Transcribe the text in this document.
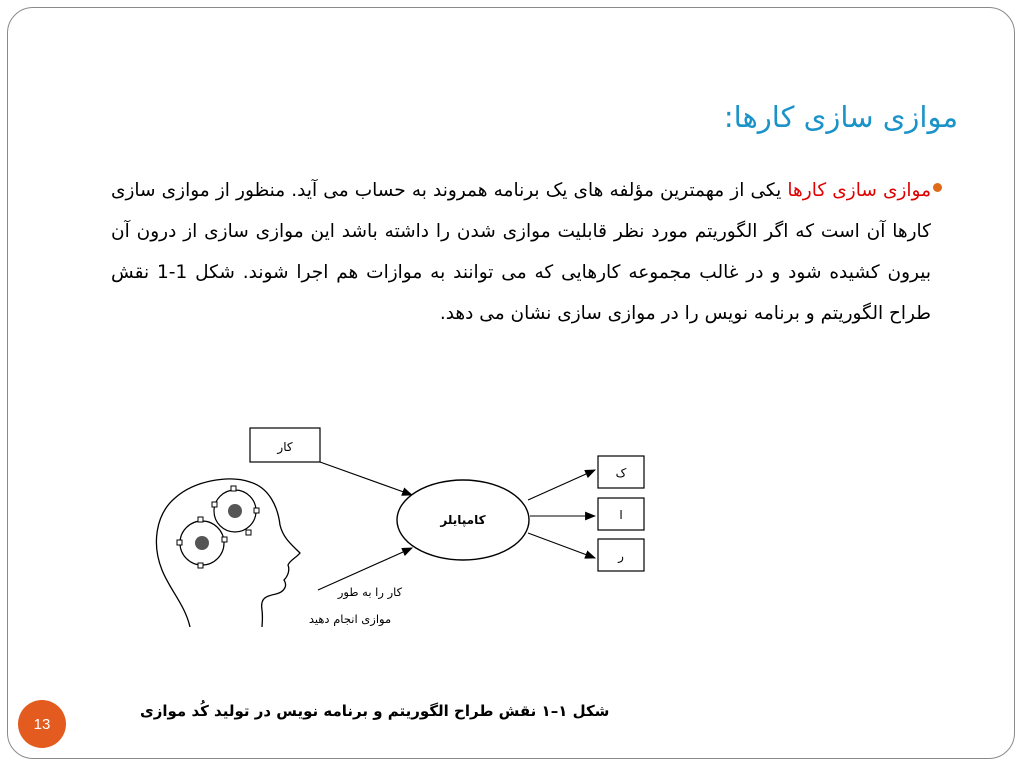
موازی سازی کارها:
موازی سازی کارها یکی از مهمترین مؤلفه های یک برنامه همروند به حساب می آید. منظور از موازی سازی کارها آن است که اگر الگوریتم مورد نظر قابلیت موازی شدن را داشته باشد این موازی سازی از درون آن بیرون کشیده شود و در غالب مجموعه کارهایی که می توانند به موازات هم اجرا شوند. شکل 1-1 نقش طراح الگوریتم و برنامه نویس را در موازی سازی نشان می دهد.
کار
کامپایلر
ک
ا
ر
کار را به طور
موازی انجام دهید
شکل ۱–۱ نقش طراح الگوریتم و برنامه نویس در تولید کُد موازی
13
